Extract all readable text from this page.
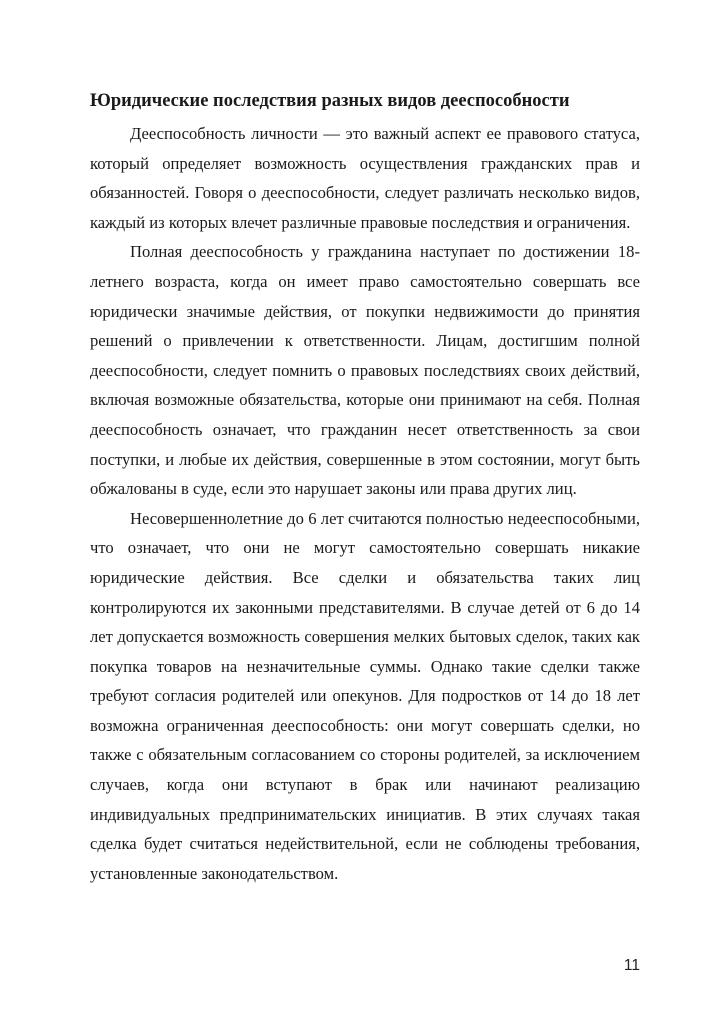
Юридические последствия разных видов дееспособности

Дееспособность личности — это важный аспект ее правового статуса, который определяет возможность осуществления гражданских прав и обязанностей. Говоря о дееспособности, следует различать несколько видов, каждый из которых влечет различные правовые последствия и ограничения.

Полная дееспособность у гражданина наступает по достижении 18-летнего возраста, когда он имеет право самостоятельно совершать все юридически значимые действия, от покупки недвижимости до принятия решений о привлечении к ответственности. Лицам, достигшим полной дееспособности, следует помнить о правовых последствиях своих действий, включая возможные обязательства, которые они принимают на себя. Полная дееспособность означает, что гражданин несет ответственность за свои поступки, и любые их действия, совершенные в этом состоянии, могут быть обжалованы в суде, если это нарушает законы или права других лиц.

Несовершеннолетние до 6 лет считаются полностью недееспособными, что означает, что они не могут самостоятельно совершать никакие юридические действия. Все сделки и обязательства таких лиц контролируются их законными представителями. В случае детей от 6 до 14 лет допускается возможность совершения мелких бытовых сделок, таких как покупка товаров на незначительные суммы. Однако такие сделки также требуют согласия родителей или опекунов. Для подростков от 14 до 18 лет возможна ограниченная дееспособность: они могут совершать сделки, но также с обязательным согласованием со стороны родителей, за исключением случаев, когда они вступают в брак или начинают реализацию индивидуальных предпринимательских инициатив. В этих случаях такая сделка будет считаться недействительной, если не соблюдены требования, установленные законодательством.

11
